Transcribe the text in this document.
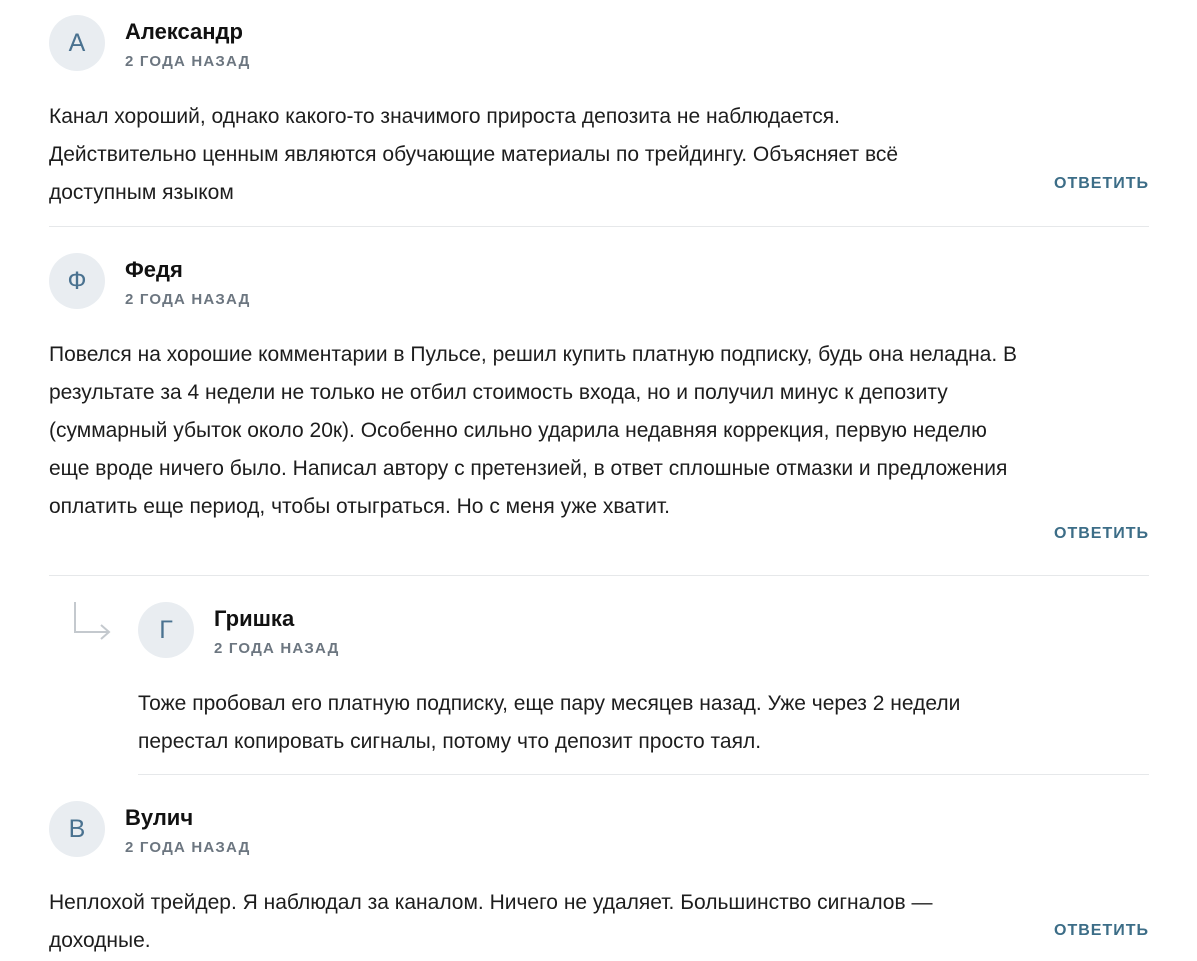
А	Александр
2 ГОДА НАЗАД
Канал хороший, однако какого-то значимого прироста депозита не наблюдается. Действительно ценным являются обучающие материалы по трейдингу. Объясняет всё доступным языком	ОТВЕТИТЬ
Ф	Федя
2 ГОДА НАЗАД
Повелся на хорошие комментарии в Пульсе, решил купить платную подписку, будь она неладна. В результате за 4 недели не только не отбил стоимость входа, но и получил минус к депозиту (суммарный убыток около 20к). Особенно сильно ударила недавняя коррекция, первую неделю еще вроде ничего было. Написал автору с претензией, в ответ сплошные отмазки и предложения оплатить еще период, чтобы отыграться. Но с меня уже хватит.
ОТВЕТИТЬ
Г	Гришка
2 ГОДА НАЗАД
Тоже пробовал его платную подписку, еще пару месяцев назад. Уже через 2 недели перестал копировать сигналы, потому что депозит просто таял.
В	Вулич
2 ГОДА НАЗАД
Неплохой трейдер. Я наблюдал за каналом. Ничего не удаляет. Большинство сигналов — доходные.	ОТВЕТИТЬ
